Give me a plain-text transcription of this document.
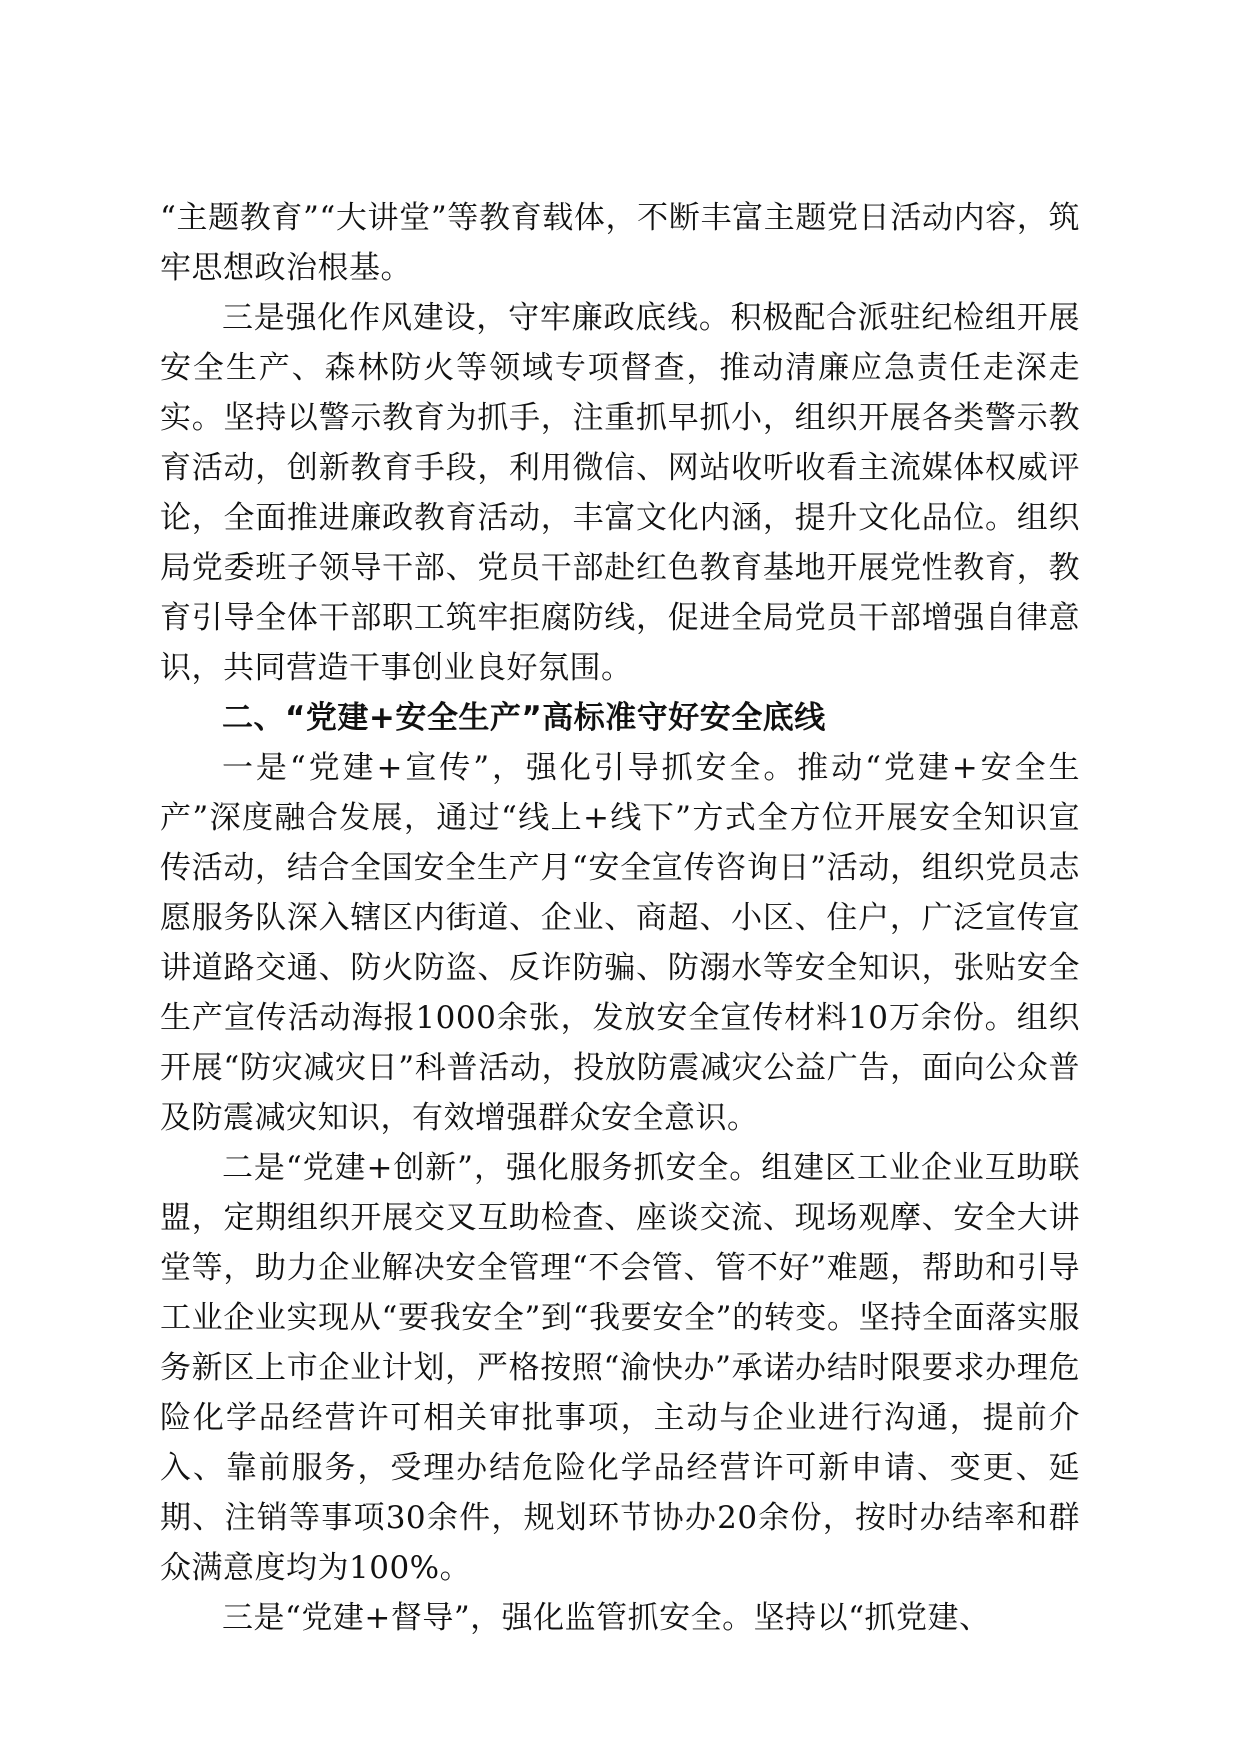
“主题教育”“大讲堂”等教育载体，不断丰富主题党日活动内容，筑牢思想政治根基。

三是强化作风建设，守牢廉政底线。积极配合派驻纪检组开展安全生产、森林防火等领域专项督查，推动清廉应急责任走深走实。坚持以警示教育为抓手，注重抓早抓小，组织开展各类警示教育活动，创新教育手段，利用微信、网站收听收看主流媒体权威评论，全面推进廉政教育活动，丰富文化内涵，提升文化品位。组织局党委班子领导干部、党员干部赴红色教育基地开展党性教育，教育引导全体干部职工筑牢拒腐防线，促进全局党员干部增强自律意识，共同营造干事创业良好氛围。

二、“党建+安全生产”高标准守好安全底线

一是“党建+宣传”，强化引导抓安全。推动“党建+安全生产”深度融合发展，通过“线上+线下”方式全方位开展安全知识宣传活动，结合全国安全生产月“安全宣传咨询日”活动，组织党员志愿服务队深入辖区内街道、企业、商超、小区、住户，广泛宣传宣讲道路交通、防火防盗、反诈防骗、防溺水等安全知识，张贴安全生产宣传活动海报1000余张，发放安全宣传材料10万余份。组织开展“防灾减灾日”科普活动，投放防震减灾公益广告，面向公众普及防震减灾知识，有效增强群众安全意识。

二是“党建+创新”，强化服务抓安全。组建区工业企业互助联盟，定期组织开展交叉互助检查、座谈交流、现场观摩、安全大讲堂等，助力企业解决安全管理“不会管、管不好”难题，帮助和引导工业企业实现从“要我安全”到“我要安全”的转变。坚持全面落实服务新区上市企业计划，严格按照“渝快办”承诺办结时限要求办理危险化学品经营许可相关审批事项，主动与企业进行沟通，提前介入、靠前服务，受理办结危险化学品经营许可新申请、变更、延期、注销等事项30余件，规划环节协办20余份，按时办结率和群众满意度均为100%。

三是“党建+督导”，强化监管抓安全。坚持以“抓党建、
